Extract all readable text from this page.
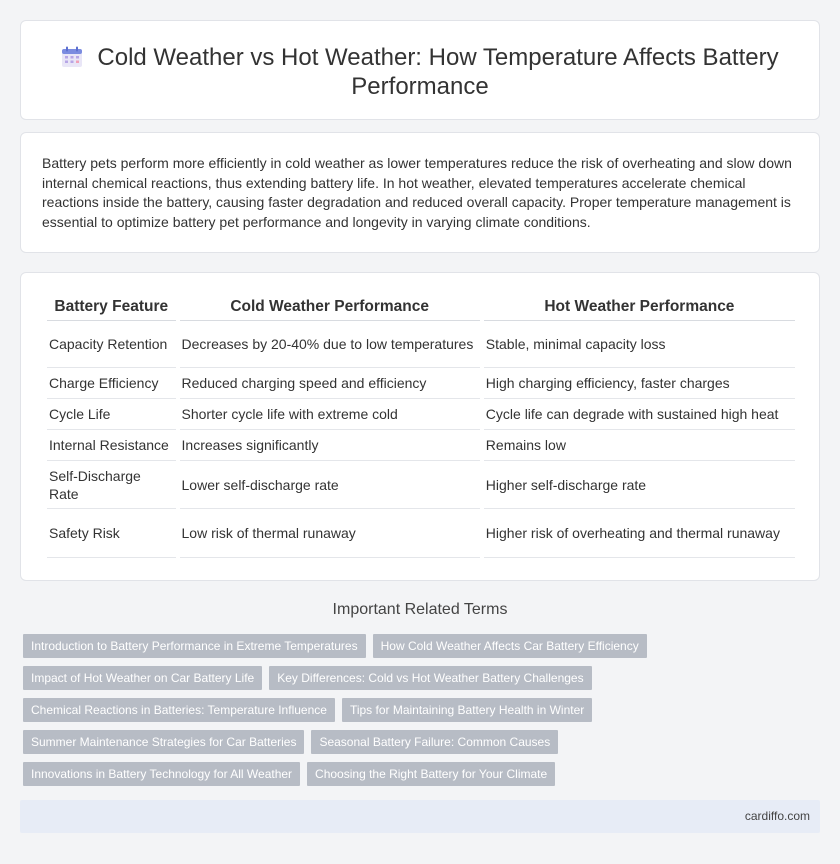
Cold Weather vs Hot Weather: How Temperature Affects Battery Performance

Battery pets perform more efficiently in cold weather as lower temperatures reduce the risk of overheating and slow down internal chemical reactions, thus extending battery life. In hot weather, elevated temperatures accelerate chemical reactions inside the battery, causing faster degradation and reduced overall capacity. Proper temperature management is essential to optimize battery pet performance and longevity in varying climate conditions.

Battery Feature	Cold Weather Performance	Hot Weather Performance
Capacity Retention	Decreases by 20-40% due to low temperatures	Stable, minimal capacity loss
Charge Efficiency	Reduced charging speed and efficiency	High charging efficiency, faster charges
Cycle Life	Shorter cycle life with extreme cold	Cycle life can degrade with sustained high heat
Internal Resistance	Increases significantly	Remains low
Self-Discharge Rate	Lower self-discharge rate	Higher self-discharge rate
Safety Risk	Low risk of thermal runaway	Higher risk of overheating and thermal runaway
Important Related Terms
Introduction to Battery Performance in Extreme Temperatures	How Cold Weather Affects Car Battery Efficiency
Impact of Hot Weather on Car Battery Life	Key Differences: Cold vs Hot Weather Battery Challenges
Chemical Reactions in Batteries: Temperature Influence	Tips for Maintaining Battery Health in Winter
Summer Maintenance Strategies for Car Batteries	Seasonal Battery Failure: Common Causes
Innovations in Battery Technology for All Weather	Choosing the Right Battery for Your Climate
cardiffo.com
